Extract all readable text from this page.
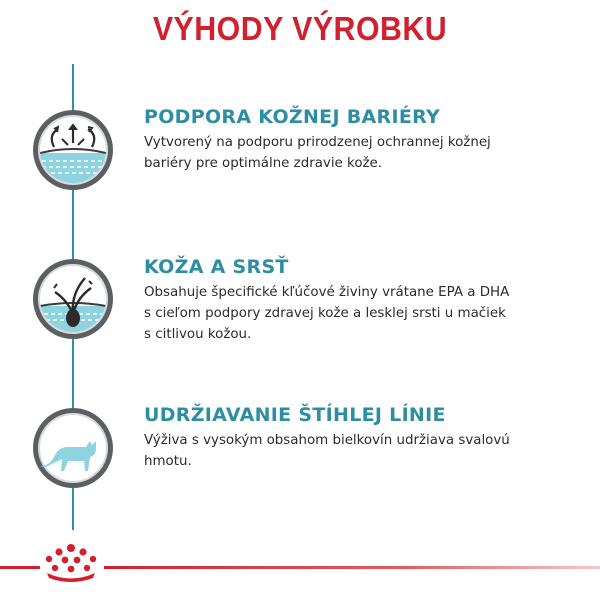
VÝHODY VÝROBKU
PODPORA KOŽNEJ BARIÉRY
Vytvorený na podporu prirodzenej ochrannej kožnej
bariéry pre optimálne zdravie kože.
KOŽA A SRSŤ
Obsahuje špecifické kľúčové živiny vrátane EPA a DHA
s cieľom podpory zdravej kože a lesklej srsti u mačiek
s citlivou kožou.
UDRŽIAVANIE ŠTÍHLEJ LÍNIE
Výživa s vysokým obsahom bielkovín udržiava svalovú
hmotu.
